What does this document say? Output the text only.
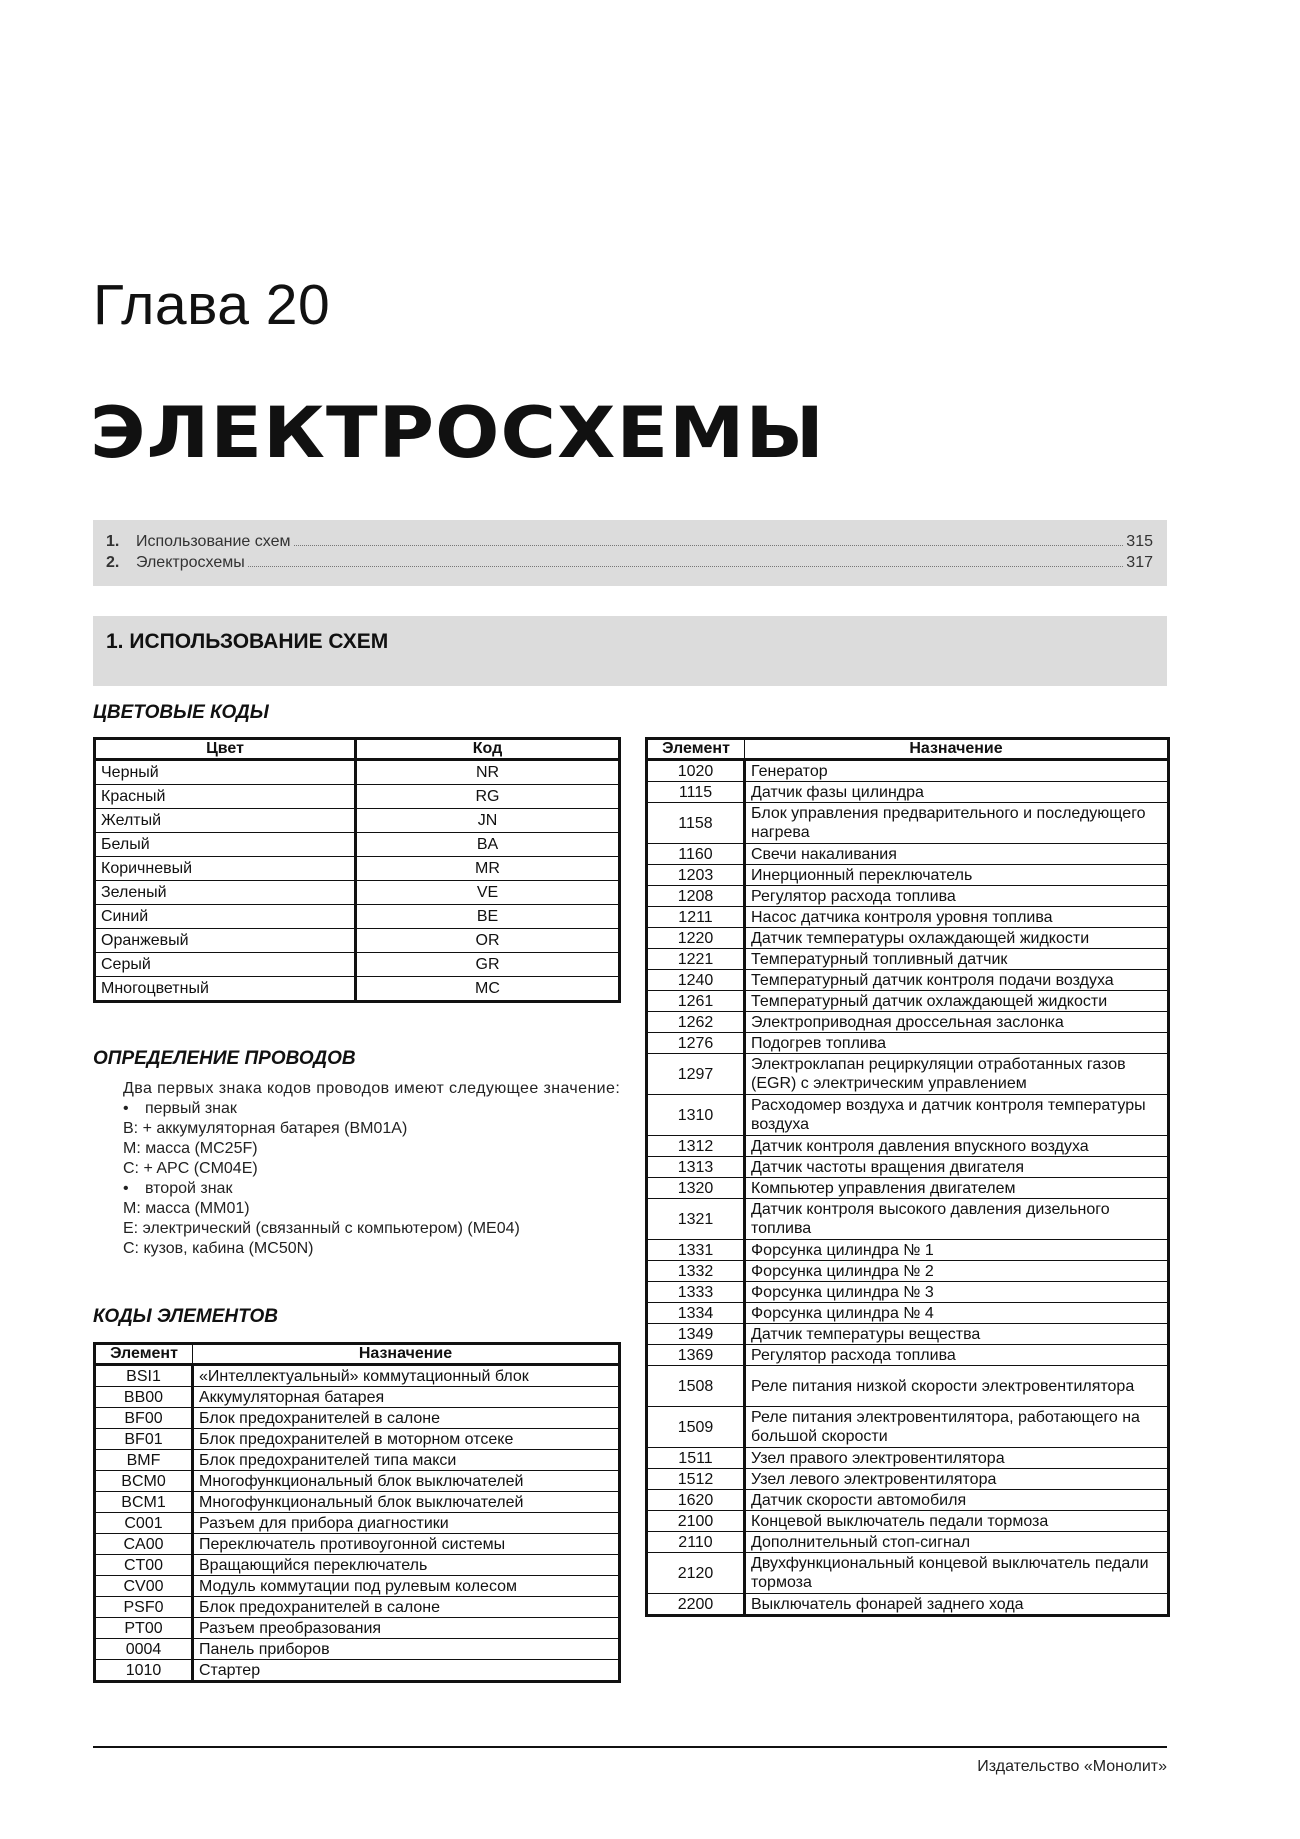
Глава 20
ЭЛЕКТРОСХЕМЫ
1.	Использование схем	315
2.	Электросхемы	317
1. ИСПОЛЬЗОВАНИЕ СХЕМ
ЦВЕТОВЫЕ КОДЫ
Цвет	Код
Черный	NR
Красный	RG
Желтый	JN
Белый	BA
Коричневый	MR
Зеленый	VE
Синий	BE
Оранжевый	OR
Серый	GR
Многоцветный	MC
ОПРЕДЕЛЕНИЕ ПРОВОДОВ
Два первых знака кодов проводов имеют следующее значение:
• первый знак
B: + аккумуляторная батарея (BM01A)
M: масса (MC25F)
C: + APC (CM04E)
• второй знак
M: масса (MM01)
E: электрический (связанный с компьютером) (ME04)
C: кузов, кабина (MC50N)
КОДЫ ЭЛЕМЕНТОВ
Элемент	Назначение
BSI1	«Интеллектуальный» коммутационный блок
BB00	Аккумуляторная батарея
BF00	Блок предохранителей в салоне
BF01	Блок предохранителей в моторном отсеке
BMF	Блок предохранителей типа макси
BCM0	Многофункциональный блок выключателей
BCM1	Многофункциональный блок выключателей
C001	Разъем для прибора диагностики
CA00	Переключатель противоугонной системы
CT00	Вращающийся переключатель
CV00	Модуль коммутации под рулевым колесом
PSF0	Блок предохранителей в салоне
PT00	Разъем преобразования
0004	Панель приборов
1010	Стартер
Элемент	Назначение
1020	Генератор
1115	Датчик фазы цилиндра
1158	Блок управления предварительного и последующего нагрева
1160	Свечи накаливания
1203	Инерционный переключатель
1208	Регулятор расхода топлива
1211	Насос датчика контроля уровня топлива
1220	Датчик температуры охлаждающей жидкости
1221	Температурный топливный датчик
1240	Температурный датчик контроля подачи воздуха
1261	Температурный датчик охлаждающей жидкости
1262	Электроприводная дроссельная заслонка
1276	Подогрев топлива
1297	Электроклапан рециркуляции отработанных газов (EGR) с электрическим управлением
1310	Расходомер воздуха и датчик контроля температуры воздуха
1312	Датчик контроля давления впускного воздуха
1313	Датчик частоты вращения двигателя
1320	Компьютер управления двигателем
1321	Датчик контроля высокого давления дизельного топлива
1331	Форсунка цилиндра № 1
1332	Форсунка цилиндра № 2
1333	Форсунка цилиндра № 3
1334	Форсунка цилиндра № 4
1349	Датчик температуры вещества
1369	Регулятор расхода топлива
1508	Реле питания низкой скорости электровентилятора
1509	Реле питания электровентилятора, работающего на большой скорости
1511	Узел правого электровентилятора
1512	Узел левого электровентилятора
1620	Датчик скорости автомобиля
2100	Концевой выключатель педали тормоза
2110	Дополнительный стоп-сигнал
2120	Двухфункциональный концевой выключатель педали тормоза
2200	Выключатель фонарей заднего хода
Издательство «Монолит»
